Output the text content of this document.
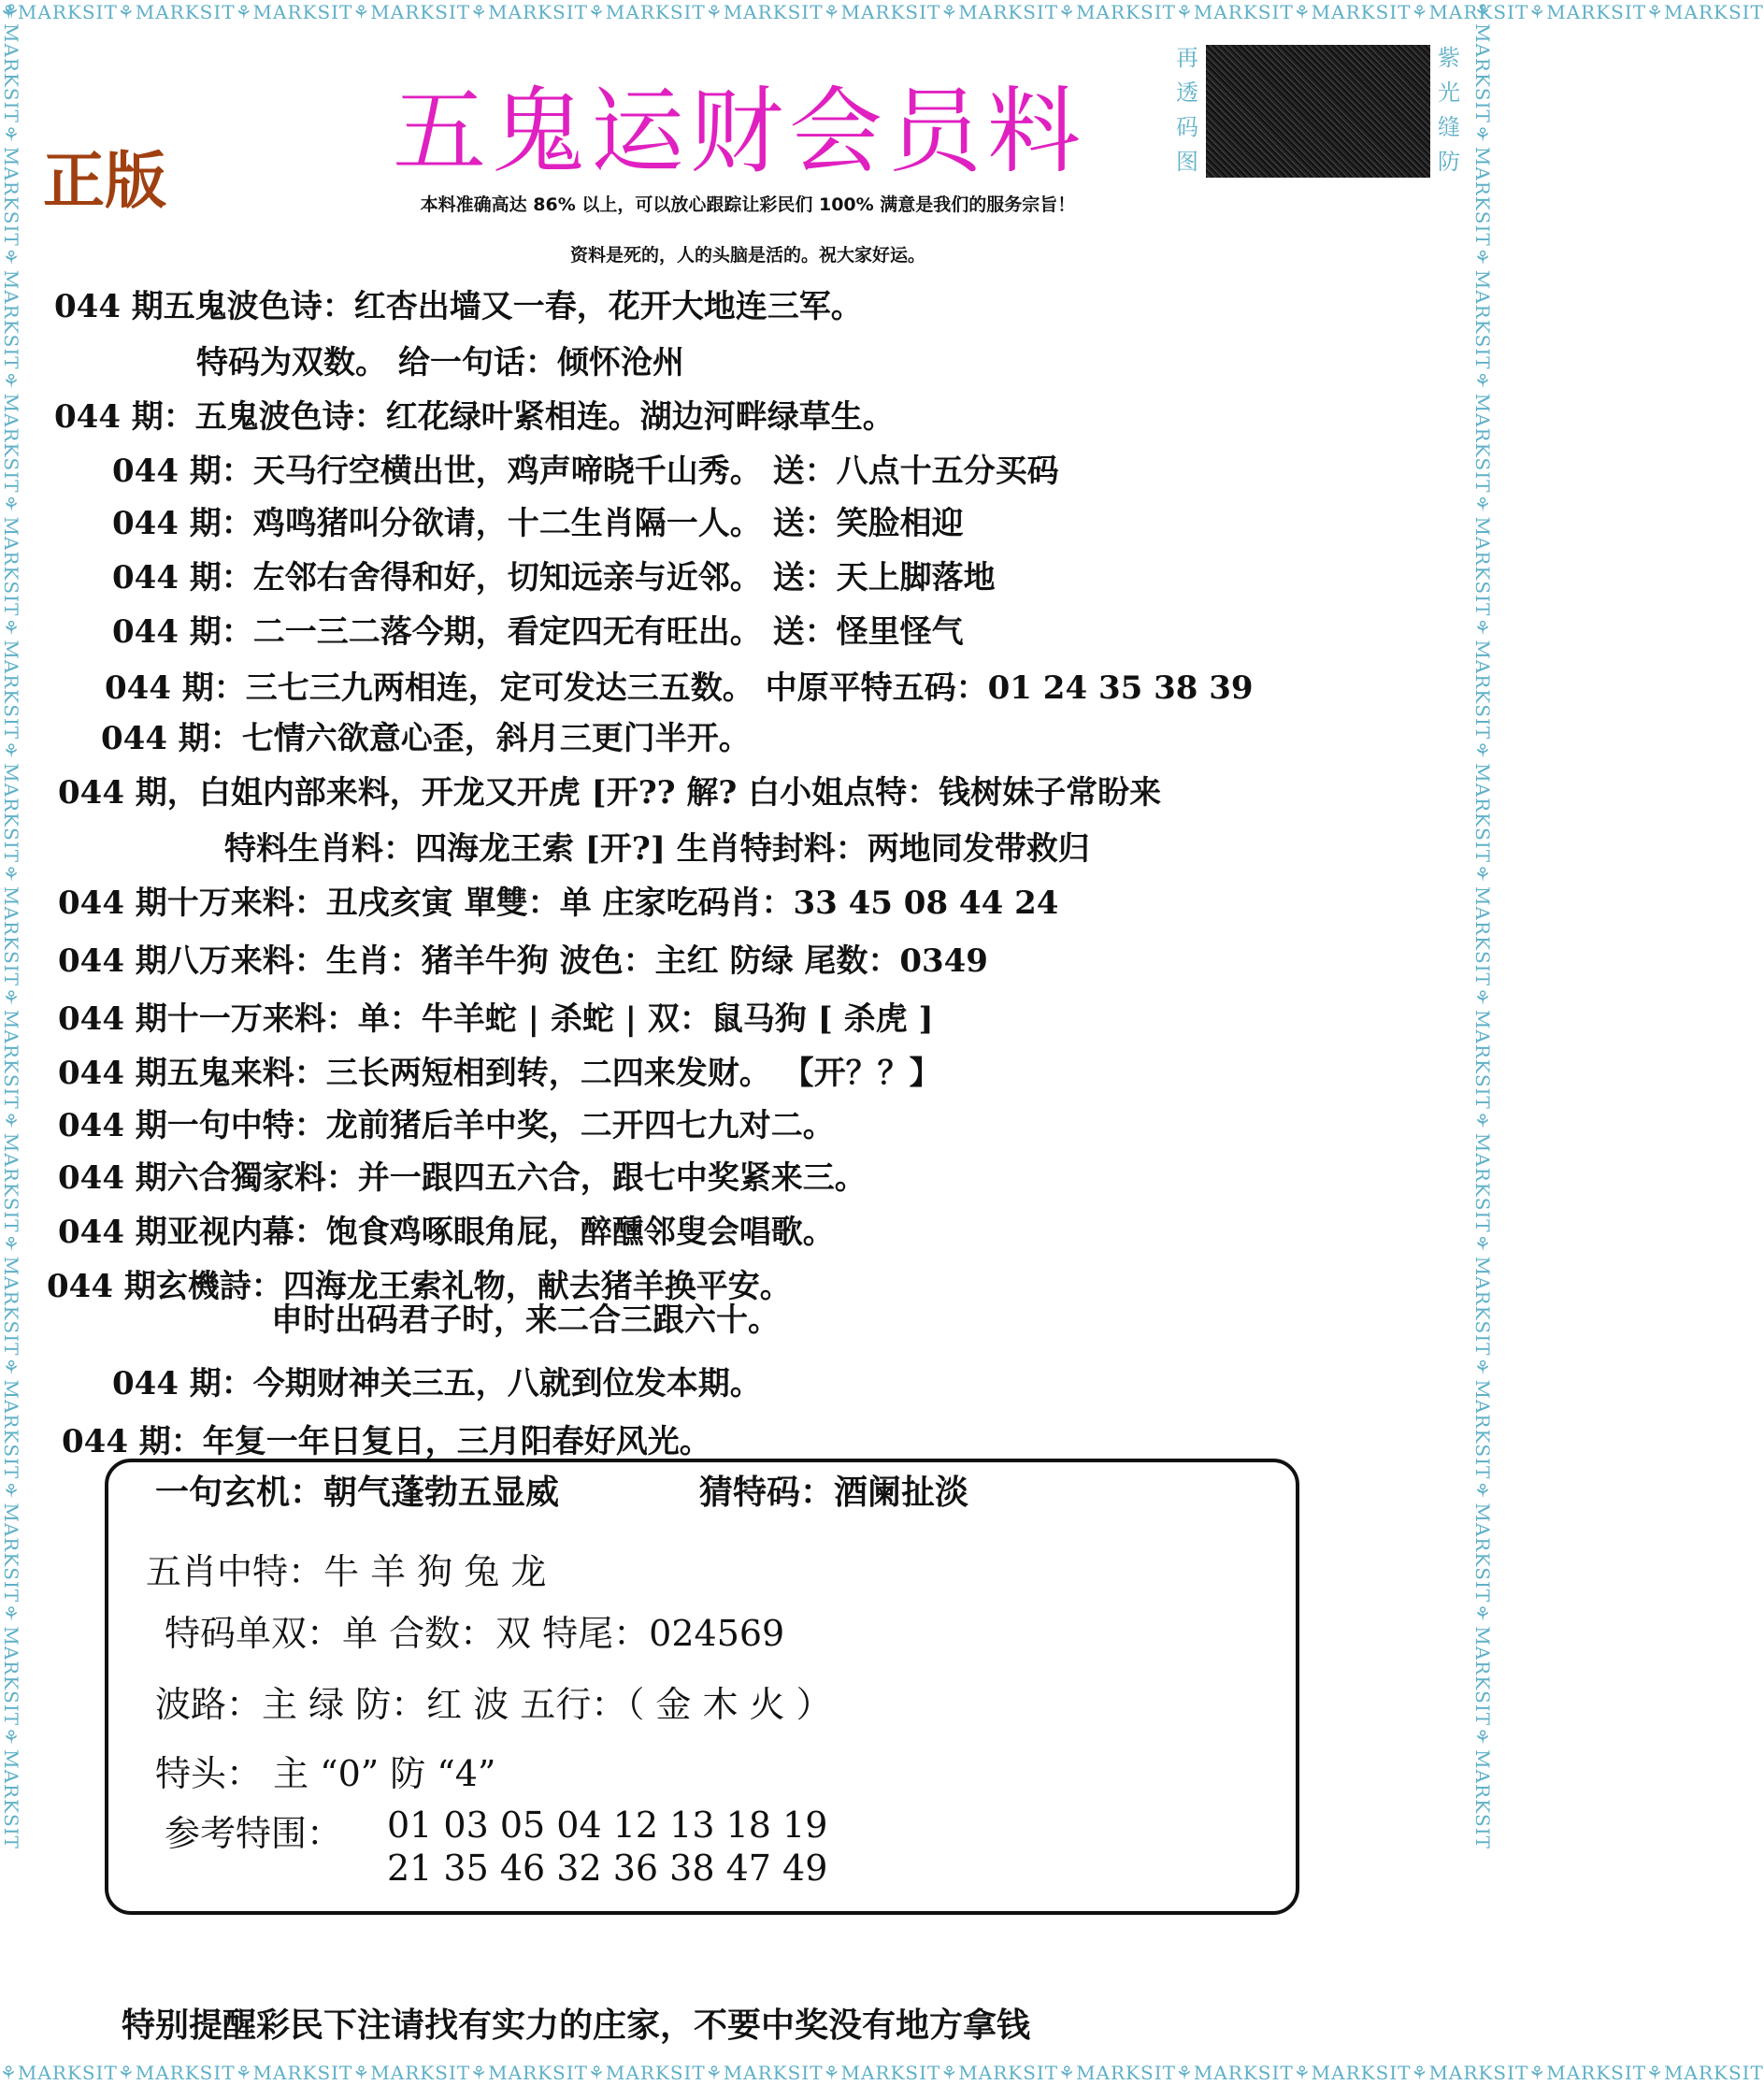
⚘MARKSIT⚘MARKSIT⚘MARKSIT⚘MARKSIT⚘MARKSIT⚘MARKSIT⚘MARKSIT⚘MARKSIT⚘MARKSIT⚘MARKSIT⚘MARKSIT⚘MARKSIT⚘MARKSIT⚘MARKSIT⚘MARKSIT
⚘MARKSIT⚘MARKSIT⚘MARKSIT⚘MARKSIT⚘MARKSIT⚘MARKSIT⚘MARKSIT⚘MARKSIT⚘MARKSIT⚘MARKSIT⚘MARKSIT⚘MARKSIT⚘MARKSIT⚘MARKSIT⚘MARKSIT
⚘MARKSIT⚘MARKSIT⚘MARKSIT⚘MARKSIT⚘MARKSIT⚘MARKSIT⚘MARKSIT⚘MARKSIT⚘MARKSIT⚘MARKSIT⚘MARKSIT⚘MARKSIT⚘MARKSIT⚘MARKSIT⚘MARKSIT	⚘MARKSIT⚘MARKSIT⚘MARKSIT⚘MARKSIT⚘MARKSIT⚘MARKSIT⚘MARKSIT⚘MARKSIT⚘MARKSIT⚘MARKSIT⚘MARKSIT⚘MARKSIT⚘MARKSIT⚘MARKSIT⚘MARKSIT
正版 五鬼运财会员料
再
透
码
图
紫
光
缝
防
本料准确高达 86% 以上，可以放心跟踪让彩民们 100% 满意是我们的服务宗旨！
资料是死的，人的头脑是活的。祝大家好运。
044 期五鬼波色诗：红杏出墙又一春，花开大地连三军。
特码为双数。 给一句话：倾怀沧州
044 期：五鬼波色诗：红花绿叶紧相连。湖边河畔绿草生。
044 期：天马行空横出世，鸡声啼晓千山秀。 送：八点十五分买码
044 期：鸡鸣猪叫分欲请，十二生肖隔一人。 送：笑脸相迎
044 期：左邻右舍得和好，切知远亲与近邻。 送：天上脚落地
044 期：二一三二落今期，看定四无有旺出。 送：怪里怪气
044 期：三七三九两相连，定可发达三五数。 中原平特五码：01 24 35 38 39
044 期：七情六欲意心歪，斜月三更门半开。
044 期，白姐内部来料，开龙又开虎 [开?? 解? 白小姐点特：钱树妹子常盼来
特料生肖料：四海龙王索 [开?] 生肖特封料：两地同发带救归
044 期十万来料：丑戌亥寅 單雙：单 庄家吃码肖：33 45 08 44 24
044 期八万来料：生肖：猪羊牛狗 波色：主红 防绿 尾数：0349
044 期十一万来料：单：牛羊蛇 | 杀蛇 | 双：鼠马狗 [ 杀虎 ]
044 期五鬼来料：三长两短相到转，二四来发财。 【开？？】
044 期一句中特：龙前猪后羊中奖，二开四七九对二。
044 期六合獨家料：并一跟四五六合，跟七中奖紧来三。
044 期亚视内幕：饱食鸡啄眼角屁，醉醺邻叟会唱歌。
044 期玄機詩：四海龙王索礼物，献去猪羊换平安。
申时出码君子时，来二合三跟六十。
044 期：今期财神关三五，八就到位发本期。
044 期：年复一年日复日，三月阳春好风光。
一句玄机：朝气蓬勃五显威	猜特码：酒阑扯淡
五肖中特：牛 羊 狗 兔 龙
特码单双：单 合数：双 特尾：024569
波路：主 绿 防：红 波 五行：（ 金 木 火 ）
特头： 主 “0” 防 “4”
参考特围： 01 03 05 04 12 13 18 19
21 35 46 32 36 38 47 49
特别提醒彩民下注请找有实力的庄家，不要中奖没有地方拿钱
